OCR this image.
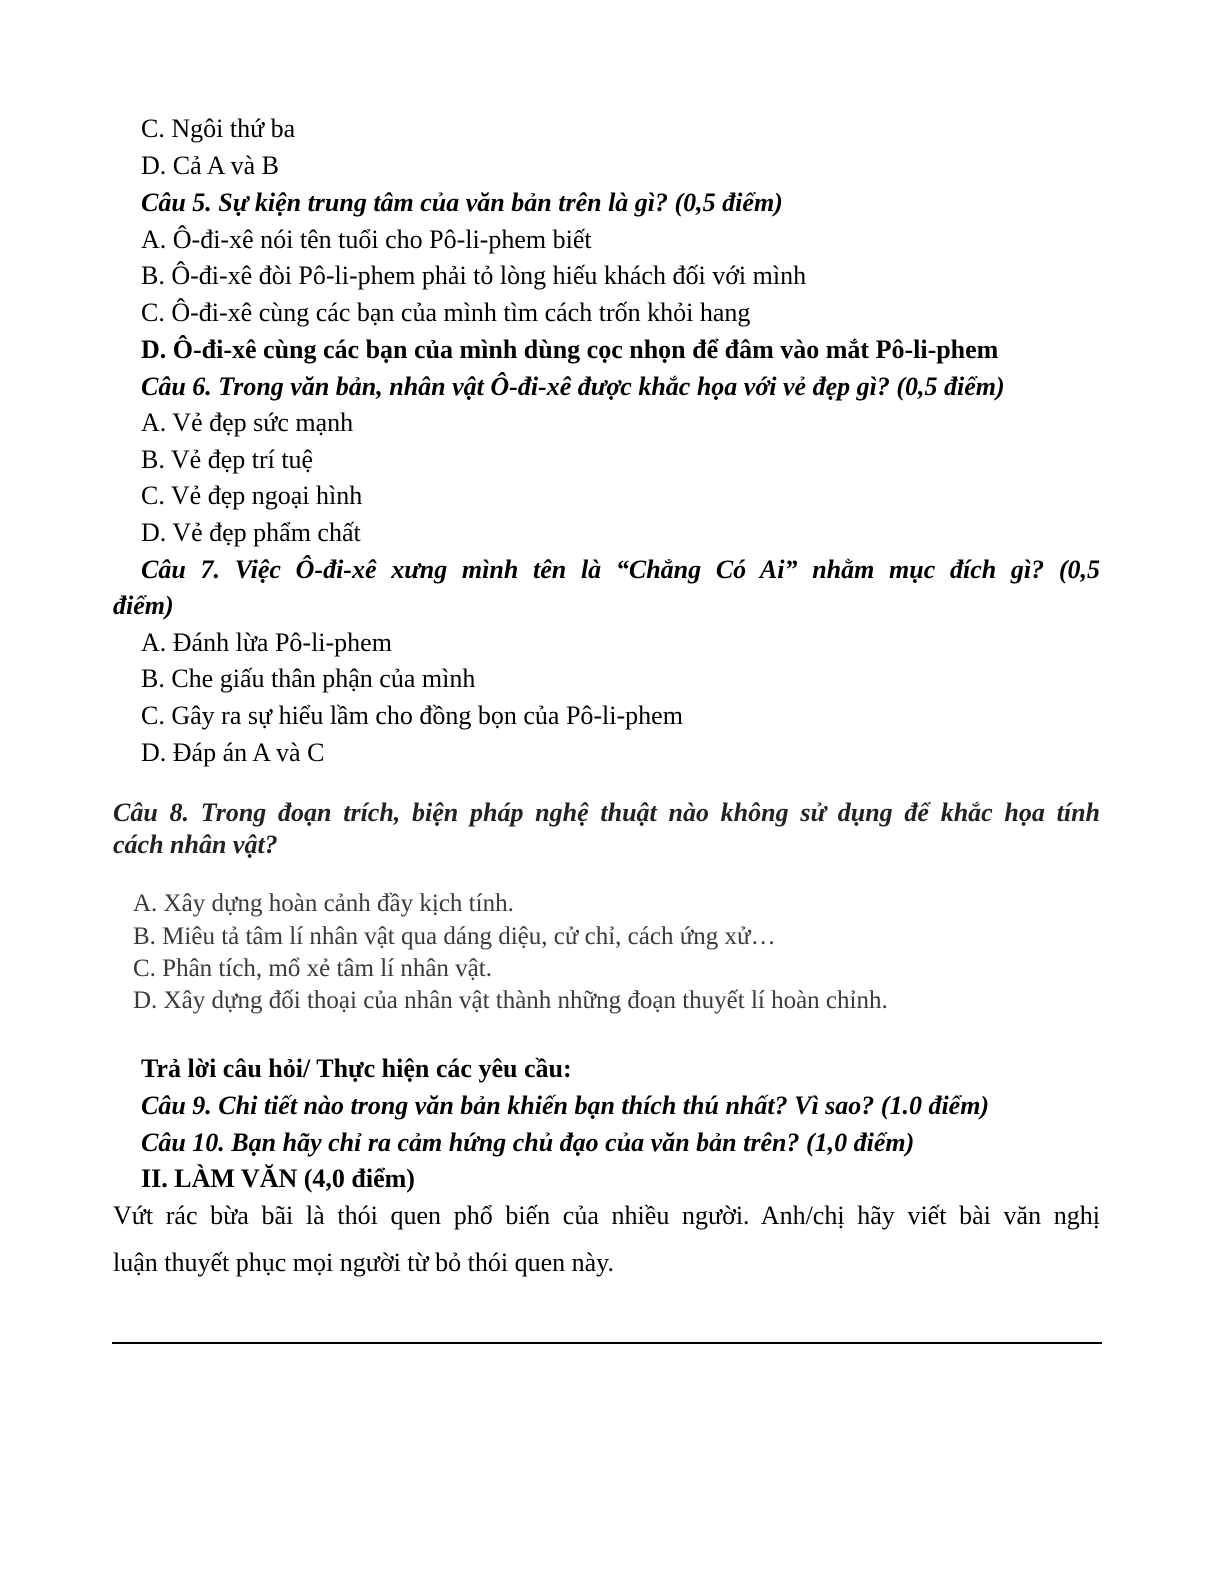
C. Ngôi thứ ba

D. Cả A và B

Câu 5. Sự kiện trung tâm của văn bản trên là gì? (0,5 điểm)

A. Ô-đi-xê nói tên tuổi cho Pô-li-phem biết

B. Ô-đi-xê đòi Pô-li-phem phải tỏ lòng hiếu khách đối với mình

C. Ô-đi-xê cùng các bạn của mình tìm cách trốn khỏi hang

D. Ô-đi-xê cùng các bạn của mình dùng cọc nhọn để đâm vào mắt Pô-li-phem

Câu 6. Trong văn bản, nhân vật Ô-đi-xê được khắc họa với vẻ đẹp gì? (0,5 điểm)

A. Vẻ đẹp sức mạnh

B. Vẻ đẹp trí tuệ

C. Vẻ đẹp ngoại hình

D. Vẻ đẹp phẩm chất

Câu 7. Việc Ô-đi-xê xưng mình tên là “Chẳng Có Ai” nhằm mục đích gì? (0,5

điểm)

A. Đánh lừa Pô-li-phem

B. Che giấu thân phận của mình

C. Gây ra sự hiểu lầm cho đồng bọn của Pô-li-phem

D. Đáp án A và C

Câu 8. Trong đoạn trích, biện pháp nghệ thuật nào không sử dụng để khắc họa tính

cách nhân vật?

A. Xây dựng hoàn cảnh đầy kịch tính.

B. Miêu tả tâm lí nhân vật qua dáng diệu, cử chỉ, cách ứng xử…

C. Phân tích, mổ xẻ tâm lí nhân vật.

D. Xây dựng đối thoại của nhân vật thành những đoạn thuyết lí hoàn chỉnh.

Trả lời câu hỏi/ Thực hiện các yêu cầu:

Câu 9. Chi tiết nào trong văn bản khiến bạn thích thú nhất? Vì sao? (1.0 điểm)

Câu 10. Bạn hãy chỉ ra cảm hứng chủ đạo của văn bản trên? (1,0 điểm)

II. LÀM VĂN (4,0 điểm)

Vứt rác bừa bãi là thói quen phổ biến của nhiều người. Anh/chị hãy viết bài văn nghị

luận thuyết phục mọi người từ bỏ thói quen này.
